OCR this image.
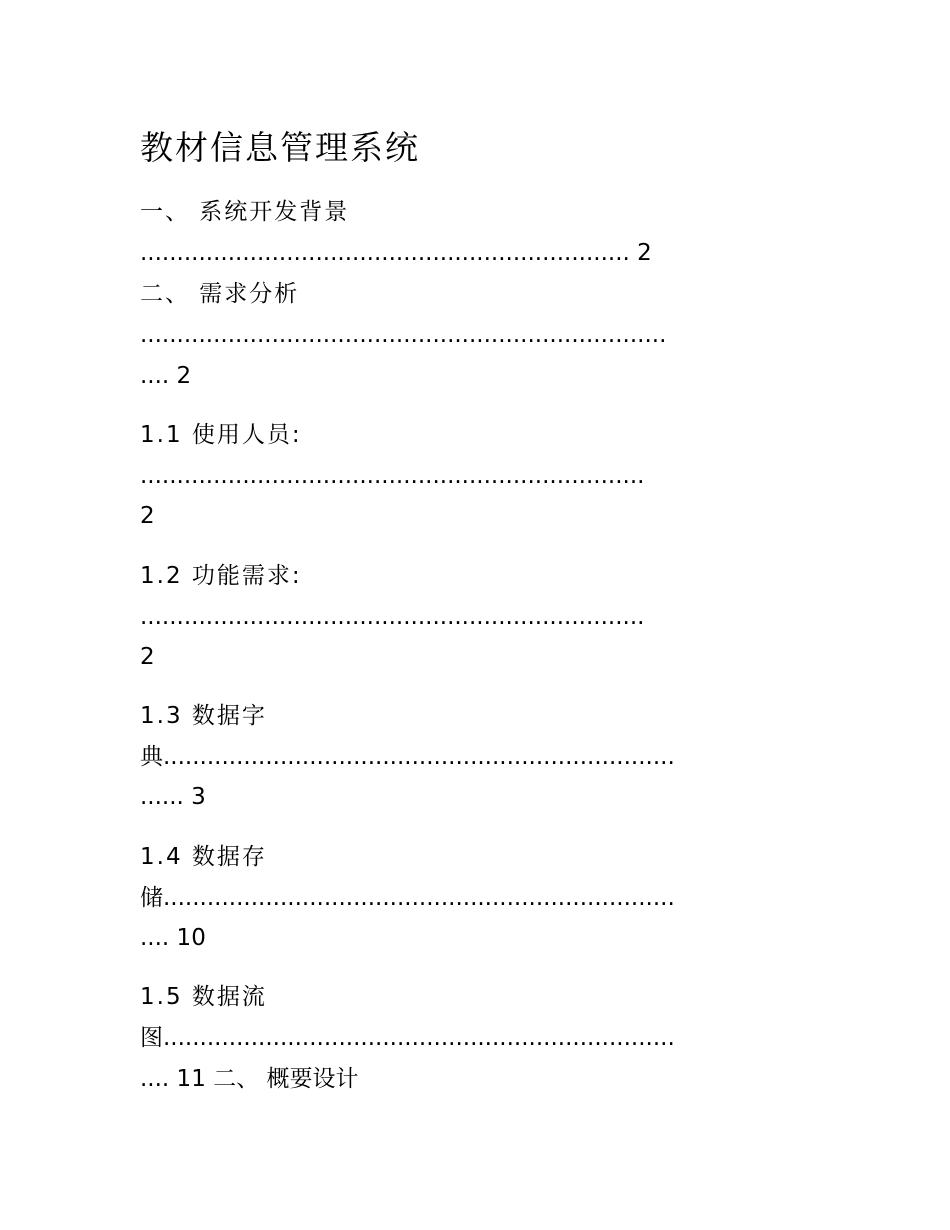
教材信息管理系统
一、 系统开发背景
................................................................... 2
二、 需求分析
........................................................................
.... 2
1.1 使用人员:
.....................................................................
2
1.2 功能需求:
.....................................................................
2
1.3 数据字
典......................................................................
...... 3
1.4 数据存
储......................................................................
.... 10
1.5 数据流
图......................................................................
.... 11 二、 概要设计
